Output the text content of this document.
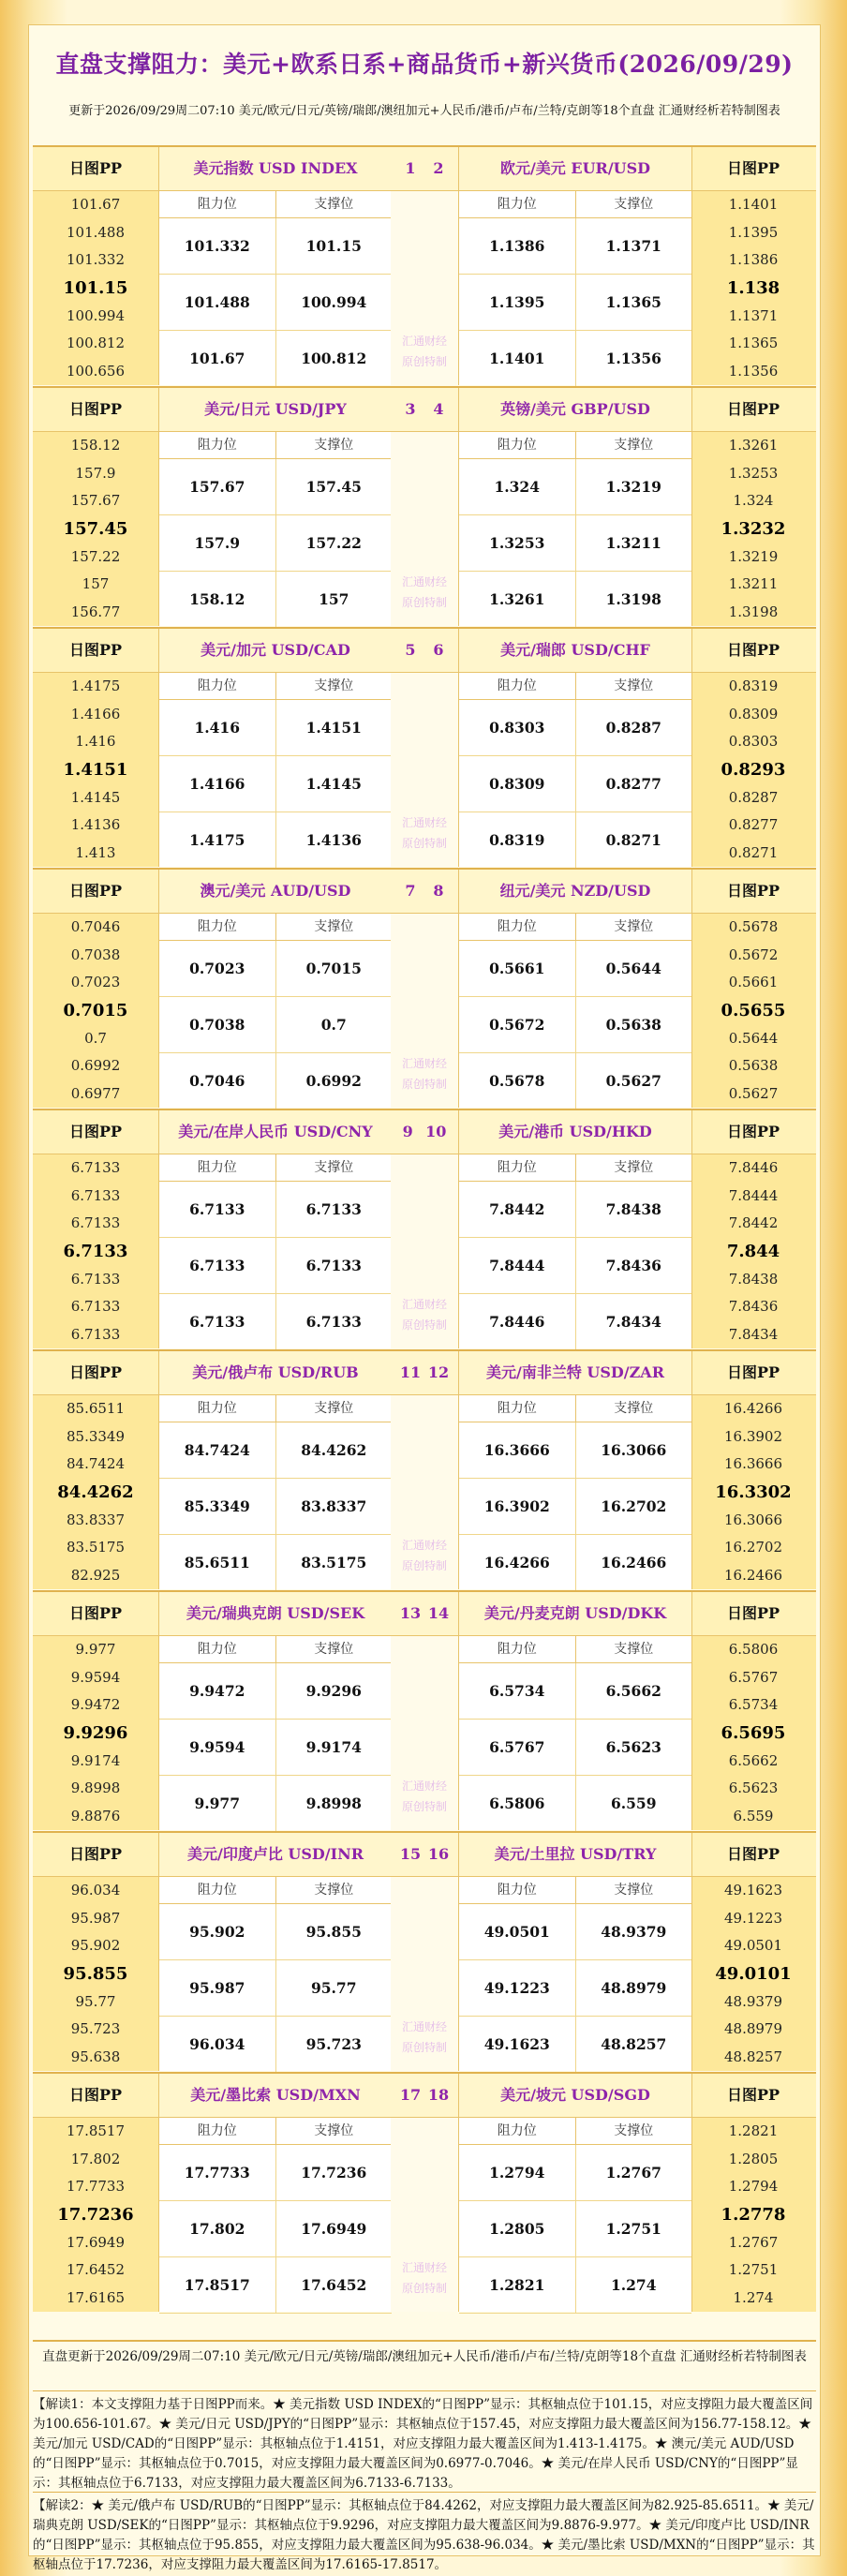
直盘支撑阻力：美元+欧系日系+商品货币+新兴货币(2026/09/29)
更新于2026/09/29周二07:10 美元/欧元/日元/英镑/瑞郎/澳纽加元+人民币/港币/卢布/兰特/克朗等18个直盘 汇通财经析若特制图表
日图PP
101.67
101.488
101.332
101.15
100.994
100.812
100.656
日图PP
1.1401
1.1395
1.1386
1.138
1.1371
1.1365
1.1356
美元指数 USD INDEX
阻力位	支撑位
101.332	101.15
101.488	100.994
101.67	100.812
欧元/美元 EUR/USD
阻力位	支撑位
1.1386	1.1371
1.1395	1.1365
1.1401	1.1356
1 2
汇通财经
原创特制
日图PP
158.12
157.9
157.67
157.45
157.22
157
156.77
日图PP
1.3261
1.3253
1.324
1.3232
1.3219
1.3211
1.3198
美元/日元 USD/JPY
阻力位	支撑位
157.67	157.45
157.9	157.22
158.12	157
英镑/美元 GBP/USD
阻力位	支撑位
1.324	1.3219
1.3253	1.3211
1.3261	1.3198
3 4
汇通财经
原创特制
日图PP
1.4175
1.4166
1.416
1.4151
1.4145
1.4136
1.413
日图PP
0.8319
0.8309
0.8303
0.8293
0.8287
0.8277
0.8271
美元/加元 USD/CAD
阻力位	支撑位
1.416	1.4151
1.4166	1.4145
1.4175	1.4136
美元/瑞郎 USD/CHF
阻力位	支撑位
0.8303	0.8287
0.8309	0.8277
0.8319	0.8271
5 6
汇通财经
原创特制
日图PP
0.7046
0.7038
0.7023
0.7015
0.7
0.6992
0.6977
日图PP
0.5678
0.5672
0.5661
0.5655
0.5644
0.5638
0.5627
澳元/美元 AUD/USD
阻力位	支撑位
0.7023	0.7015
0.7038	0.7
0.7046	0.6992
纽元/美元 NZD/USD
阻力位	支撑位
0.5661	0.5644
0.5672	0.5638
0.5678	0.5627
7 8
汇通财经
原创特制
日图PP
6.7133
6.7133
6.7133
6.7133
6.7133
6.7133
6.7133
日图PP
7.8446
7.8444
7.8442
7.844
7.8438
7.8436
7.8434
美元/在岸人民币 USD/CNY
阻力位	支撑位
6.7133	6.7133
6.7133	6.7133
6.7133	6.7133
美元/港币 USD/HKD
阻力位	支撑位
7.8442	7.8438
7.8444	7.8436
7.8446	7.8434
9 10
汇通财经
原创特制
日图PP
85.6511
85.3349
84.7424
84.4262
83.8337
83.5175
82.925
日图PP
16.4266
16.3902
16.3666
16.3302
16.3066
16.2702
16.2466
美元/俄卢布 USD/RUB
阻力位	支撑位
84.7424	84.4262
85.3349	83.8337
85.6511	83.5175
美元/南非兰特 USD/ZAR
阻力位	支撑位
16.3666	16.3066
16.3902	16.2702
16.4266	16.2466
11 12
汇通财经
原创特制
日图PP
9.977
9.9594
9.9472
9.9296
9.9174
9.8998
9.8876
日图PP
6.5806
6.5767
6.5734
6.5695
6.5662
6.5623
6.559
美元/瑞典克朗 USD/SEK
阻力位	支撑位
9.9472	9.9296
9.9594	9.9174
9.977	9.8998
美元/丹麦克朗 USD/DKK
阻力位	支撑位
6.5734	6.5662
6.5767	6.5623
6.5806	6.559
13 14
汇通财经
原创特制
日图PP
96.034
95.987
95.902
95.855
95.77
95.723
95.638
日图PP
49.1623
49.1223
49.0501
49.0101
48.9379
48.8979
48.8257
美元/印度卢比 USD/INR
阻力位	支撑位
95.902	95.855
95.987	95.77
96.034	95.723
美元/土里拉 USD/TRY
阻力位	支撑位
49.0501	48.9379
49.1223	48.8979
49.1623	48.8257
15 16
汇通财经
原创特制
日图PP
17.8517
17.802
17.7733
17.7236
17.6949
17.6452
17.6165
日图PP
1.2821
1.2805
1.2794
1.2778
1.2767
1.2751
1.274
美元/墨比索 USD/MXN
阻力位	支撑位
17.7733	17.7236
17.802	17.6949
17.8517	17.6452
美元/坡元 USD/SGD
阻力位	支撑位
1.2794	1.2767
1.2805	1.2751
1.2821	1.274
17 18
汇通财经
原创特制
直盘更新于2026/09/29周二07:10 美元/欧元/日元/英镑/瑞郎/澳纽加元+人民币/港币/卢布/兰特/克朗等18个直盘 汇通财经析若特制图表
【解读1：本文支撑阻力基于日图PP而来。★ 美元指数 USD INDEX的“日图PP”显示：其枢轴点位于101.15，对应支撑阻力最大覆盖区间为100.656-101.67。★ 美元/日元 USD/JPY的“日图PP”显示：其枢轴点位于157.45，对应支撑阻力最大覆盖区间为156.77-158.12。★ 美元/加元 USD/CAD的“日图PP”显示：其枢轴点位于1.4151，对应支撑阻力最大覆盖区间为1.413-1.4175。★ 澳元/美元 AUD/USD的“日图PP”显示：其枢轴点位于0.7015，对应支撑阻力最大覆盖区间为0.6977-0.7046。★ 美元/在岸人民币 USD/CNY的“日图PP”显示：其枢轴点位于6.7133，对应支撑阻力最大覆盖区间为6.7133-6.7133。
【解读2：★ 美元/俄卢布 USD/RUB的“日图PP”显示：其枢轴点位于84.4262，对应支撑阻力最大覆盖区间为82.925-85.6511。★ 美元/瑞典克朗 USD/SEK的“日图PP”显示：其枢轴点位于9.9296，对应支撑阻力最大覆盖区间为9.8876-9.977。★ 美元/印度卢比 USD/INR的“日图PP”显示：其枢轴点位于95.855，对应支撑阻力最大覆盖区间为95.638-96.034。★ 美元/墨比索 USD/MXN的“日图PP”显示：其枢轴点位于17.7236，对应支撑阻力最大覆盖区间为17.6165-17.8517。
